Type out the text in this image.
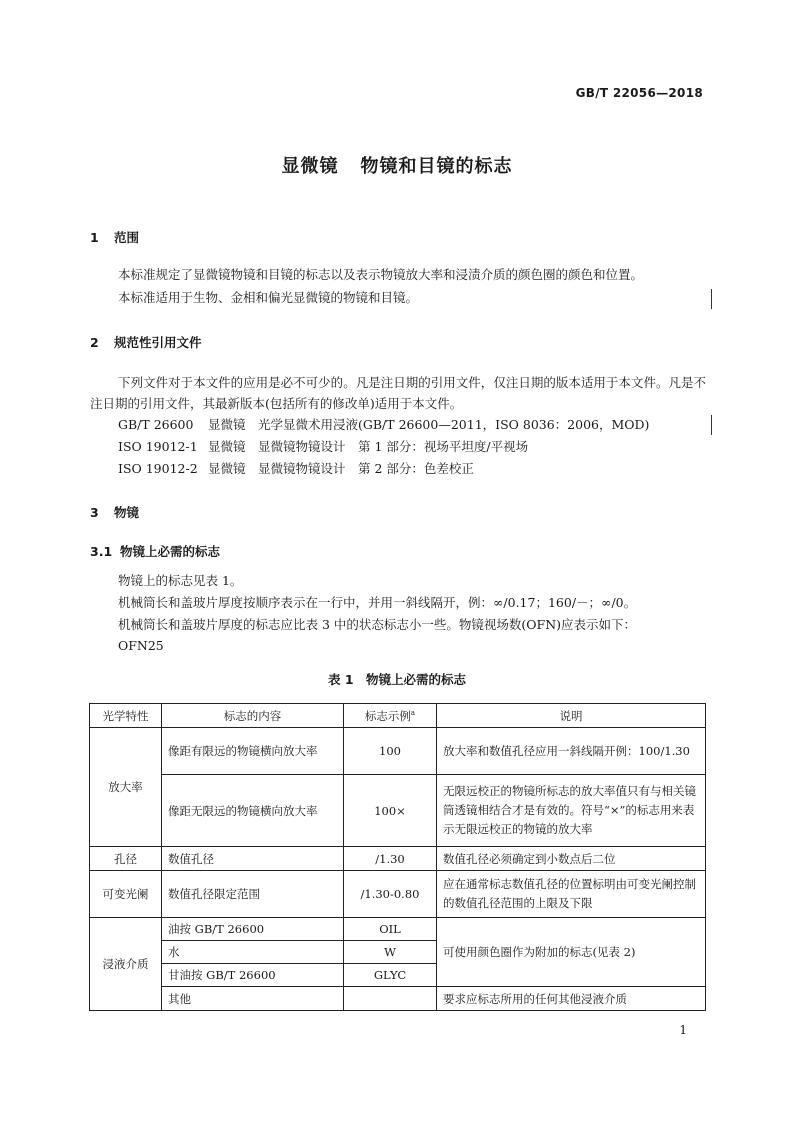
GB/T 22056—2018
显微镜 物镜和目镜的标志
1 范围
本标准规定了显微镜物镜和目镜的标志以及表示物镜放大率和浸渍介质的颜色圈的颜色和位置。
本标准适用于生物、金相和偏光显微镜的物镜和目镜。
2 规范性引用文件
下列文件对于本文件的应用是必不可少的。凡是注日期的引用文件，仅注日期的版本适用于本文件。凡是不注日期的引用文件，其最新版本(包括所有的修改单)适用于本文件。
GB/T 26600 显微镜　光学显微术用浸液(GB/T 26600—2011，ISO 8036：2006，MOD)
ISO 19012-1 显微镜　显微镜物镜设计　第 1 部分：视场平坦度/平视场
ISO 19012-2 显微镜　显微镜物镜设计　第 2 部分：色差校正
3 物镜
3.1 物镜上必需的标志
物镜上的标志见表 1。
机械筒长和盖玻片厚度按顺序表示在一行中，并用一斜线隔开，例：∞/0.17；160/－；∞/0。
机械筒长和盖玻片厚度的标志应比表 3 中的状态标志小一些。物镜视场数(OFN)应表示如下：
OFN25
表 1　物镜上必需的标志
光学特性	标志的内容	标志示例$^a$	说明
放大率	像距有限远的物镜横向放大率	100	放大率和数值孔径应用一斜线隔开例：100/1.30
	像距无限远的物镜横向放大率	100×	无限远校正的物镜所标志的放大率值只有与相关镜筒透镜相结合才是有效的。符号“×”的标志用来表示无限远校正的物镜的放大率
孔径	数值孔径	/1.30	数值孔径必须确定到小数点后二位
可变光阑	数值孔径限定范围	/1.30-0.80	应在通常标志数值孔径的位置标明由可变光阑控制的数值孔径范围的上限及下限
浸液介质	油按 GB/T 26600	OIL	可使用颜色圈作为附加的标志(见表 2)
	水	W	
	甘油按 GB/T 26600	GLYC	
	其他		要求应标志所用的任何其他浸液介质
1
